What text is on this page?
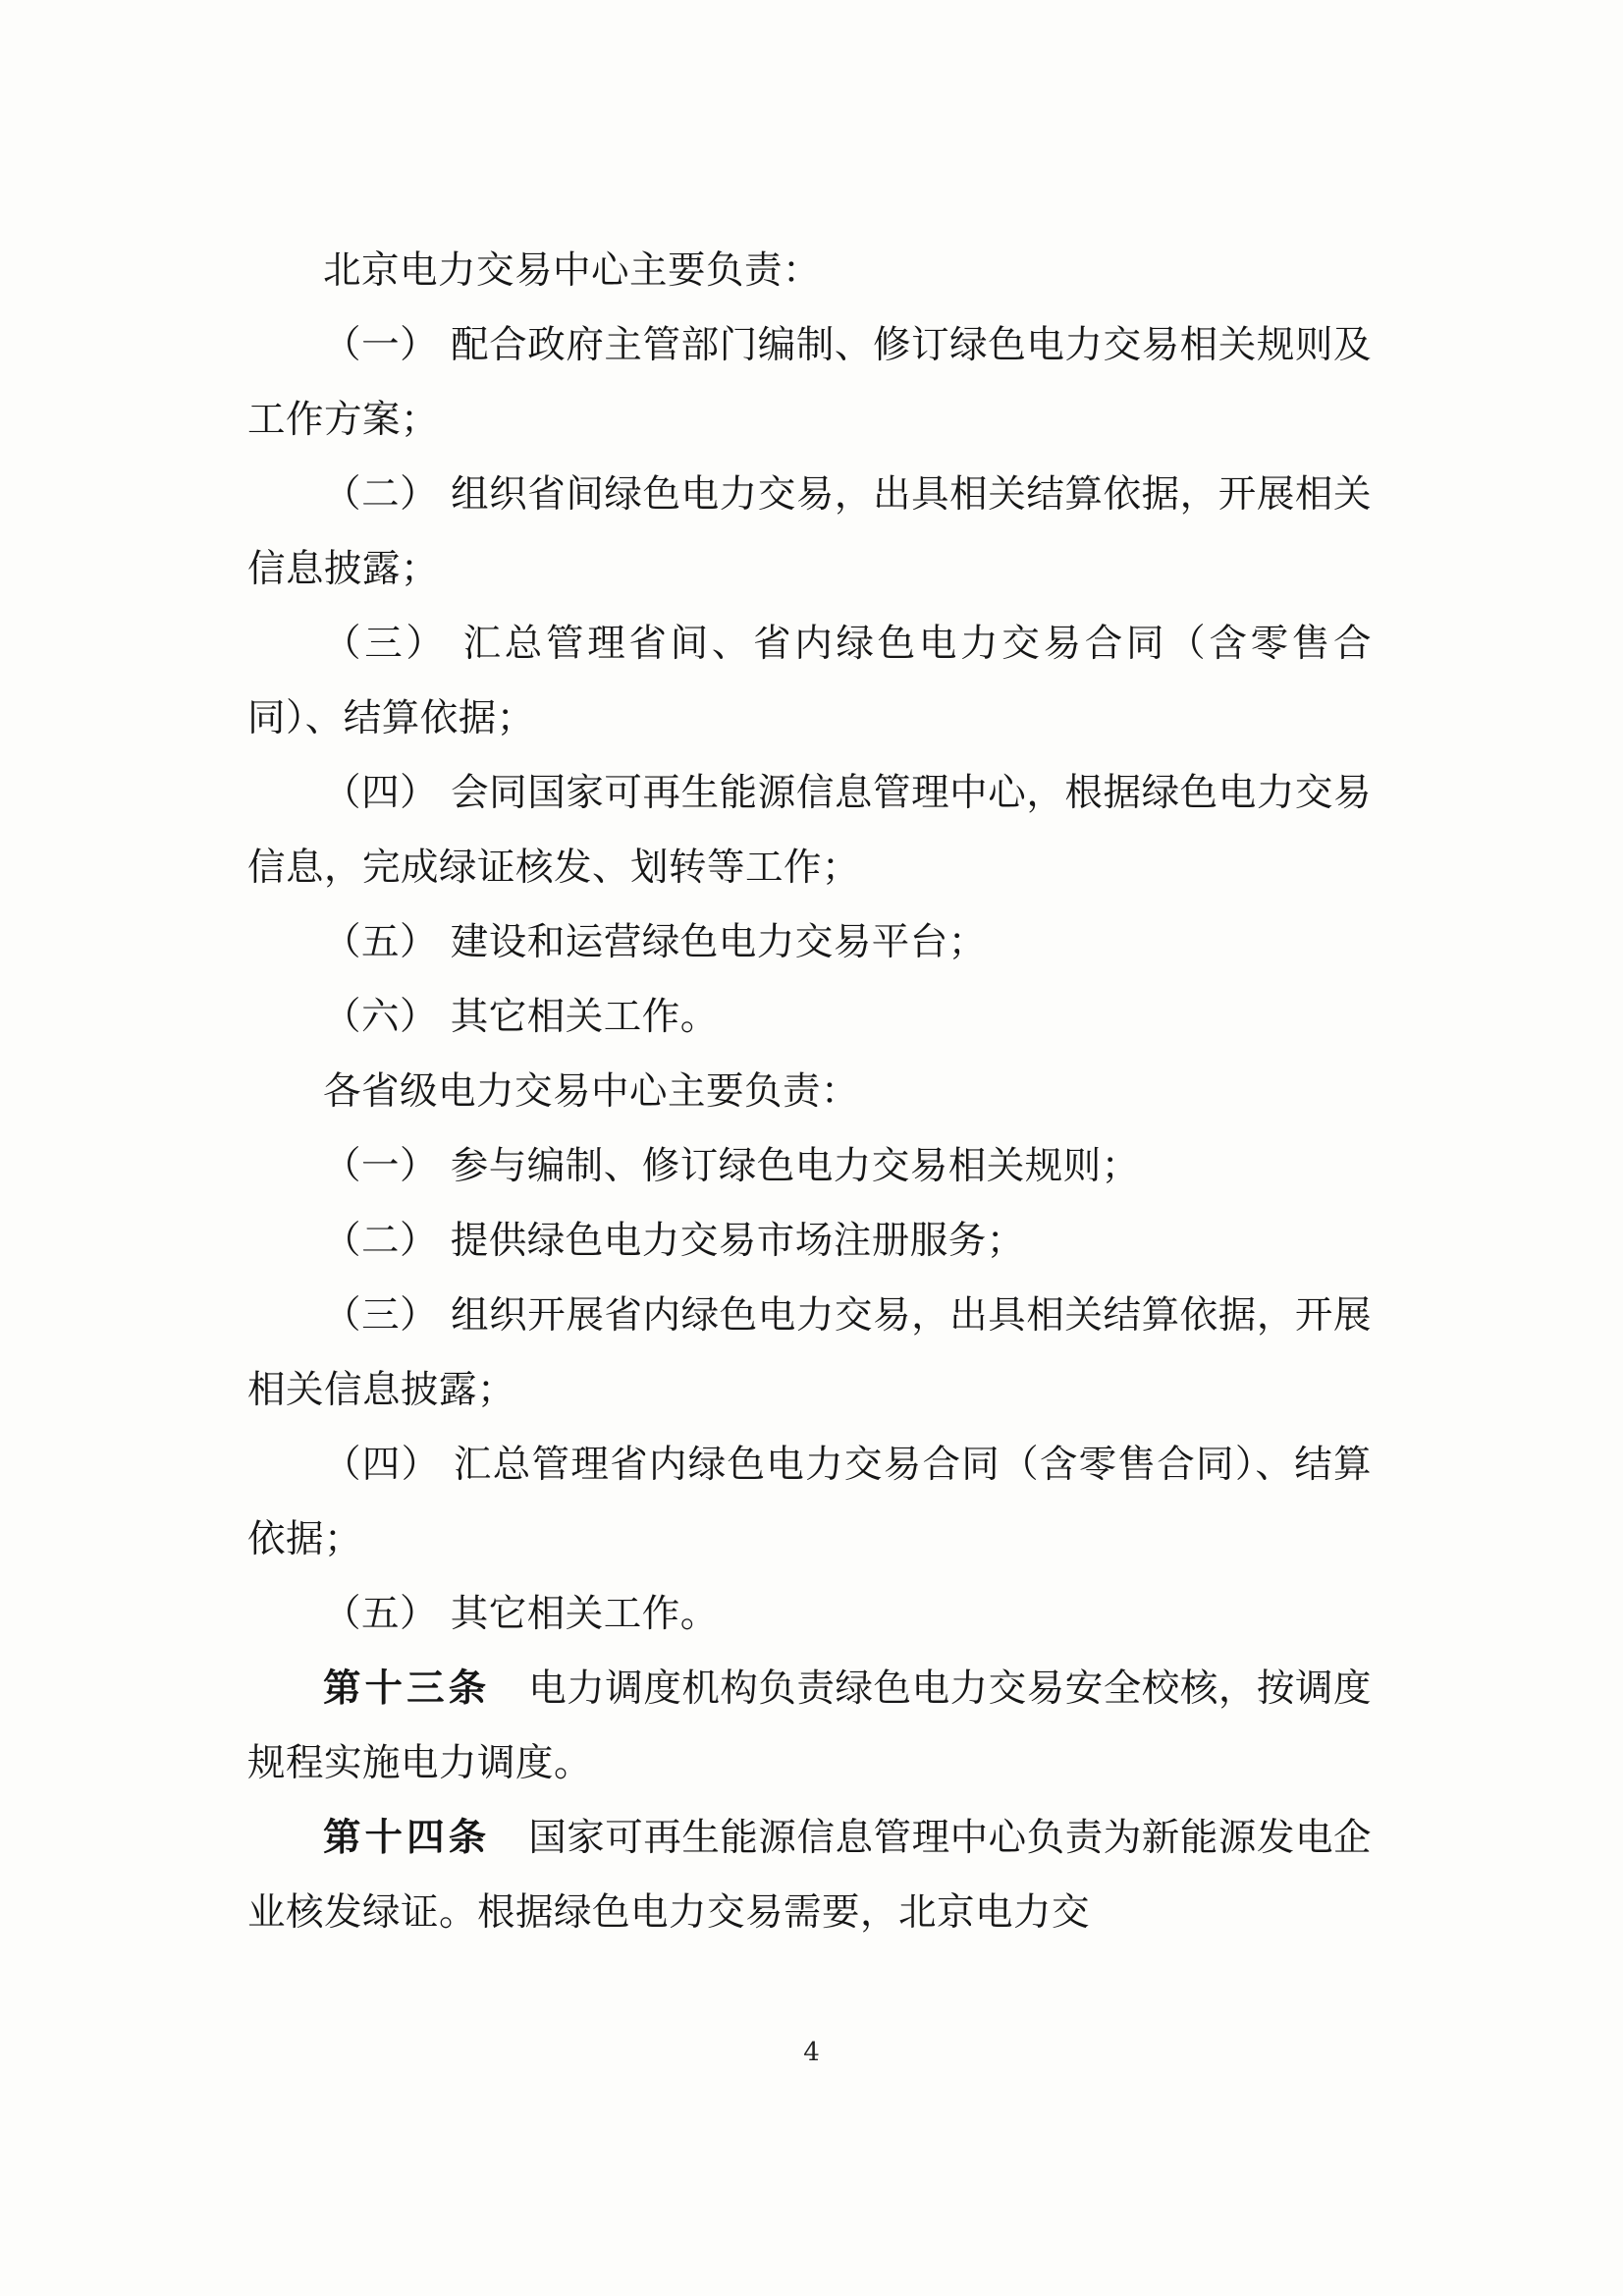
北京电力交易中心主要负责：

（一） 配合政府主管部门编制、修订绿色电力交易相关规则及工作方案；

（二） 组织省间绿色电力交易，出具相关结算依据，开展相关信息披露；

（三） 汇总管理省间、省内绿色电力交易合同（含零售合同）、结算依据；

（四） 会同国家可再生能源信息管理中心，根据绿色电力交易信息，完成绿证核发、划转等工作；

（五） 建设和运营绿色电力交易平台；

（六） 其它相关工作。

各省级电力交易中心主要负责：

（一） 参与编制、修订绿色电力交易相关规则；

（二） 提供绿色电力交易市场注册服务；

（三） 组织开展省内绿色电力交易，出具相关结算依据，开展相关信息披露；

（四） 汇总管理省内绿色电力交易合同（含零售合同）、结算依据；

（五） 其它相关工作。

第十三条　 电力调度机构负责绿色电力交易安全校核，按调度规程实施电力调度。

第十四条　 国家可再生能源信息管理中心负责为新能源发电企业核发绿证。根据绿色电力交易需要，北京电力交

4
